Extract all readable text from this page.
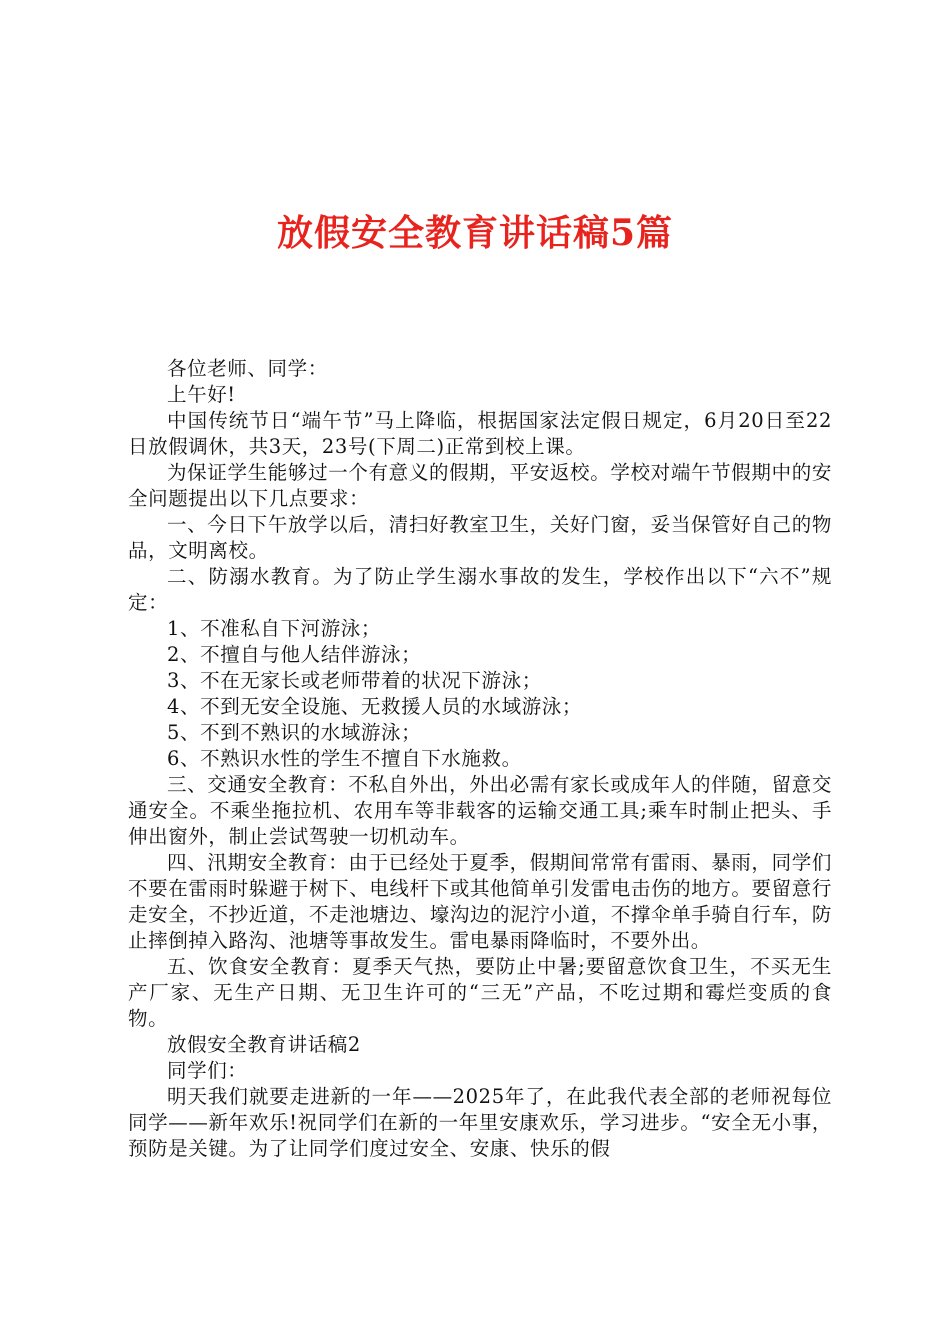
放假安全教育讲话稿5篇

各位老师、同学：

上午好!

中国传统节日“端午节”马上降临，根据国家法定假日规定，6月20日至22日放假调休，共3天，23号(下周二)正常到校上课。

为保证学生能够过一个有意义的假期，平安返校。学校对端午节假期中的安全问题提出以下几点要求：

一、今日下午放学以后，清扫好教室卫生，关好门窗，妥当保管好自己的物品，文明离校。

二、防溺水教育。为了防止学生溺水事故的发生，学校作出以下“六不”规定：

1、不准私自下河游泳；

2、不擅自与他人结伴游泳；

3、不在无家长或老师带着的状况下游泳；

4、不到无安全设施、无救援人员的水域游泳；

5、不到不熟识的水域游泳；

6、不熟识水性的学生不擅自下水施救。

三、交通安全教育：不私自外出，外出必需有家长或成年人的伴随，留意交通安全。不乘坐拖拉机、农用车等非载客的运输交通工具;乘车时制止把头、手伸出窗外，制止尝试驾驶一切机动车。

四、汛期安全教育：由于已经处于夏季，假期间常常有雷雨、暴雨，同学们不要在雷雨时躲避于树下、电线杆下或其他简单引发雷电击伤的地方。要留意行走安全，不抄近道，不走池塘边、壕沟边的泥泞小道，不撑伞单手骑自行车，防止摔倒掉入路沟、池塘等事故发生。雷电暴雨降临时，不要外出。

五、饮食安全教育：夏季天气热，要防止中暑;要留意饮食卫生，不买无生产厂家、无生产日期、无卫生许可的“三无”产品，不吃过期和霉烂变质的食物。

放假安全教育讲话稿2

同学们：

明天我们就要走进新的一年——2025年了，在此我代表全部的老师祝每位同学——新年欢乐!祝同学们在新的一年里安康欢乐，学习进步。“安全无小事，预防是关键。为了让同学们度过安全、安康、快乐的假
